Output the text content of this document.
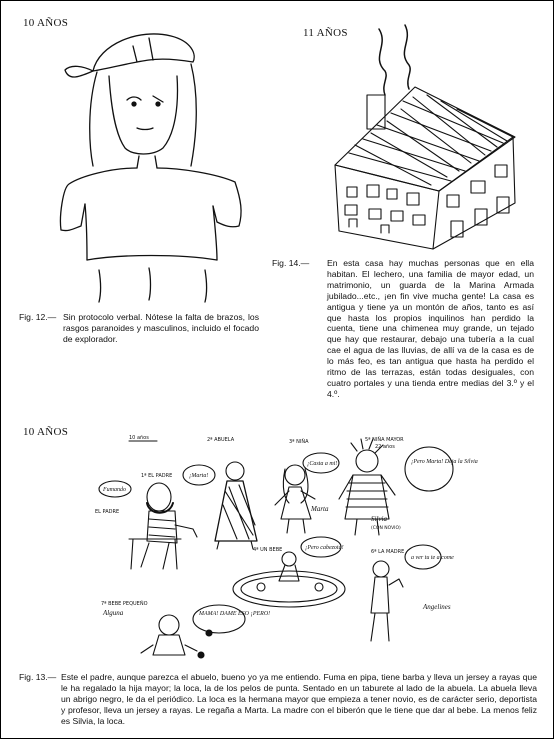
10 AÑOS
11 AÑOS
10 AÑOS	10 años	2ª ABUELA	3ª NIÑA	5ª NIÑA MAYOR
22 años
1ª EL PADRE
EL PADRE
4ª UN BEBE	6ª LA MADRE
7ª BEBE PEQUEÑO
Fumando
¡Marta!
¡Casta a mi!
Marta
¡Pero Marta! Deja la Silvia
Silvia
(CON NOVIO)
¡Pero cabezota!
a ver tu te a come
MAMA! DAME ESO ¡PERO!
Alguna
Angelines
Fig. 12.— Sin protocolo verbal. Nótese la falta de brazos, los rasgos paranoides y masculinos, incluido el focado de explorador.
Fig. 14.— En esta casa hay muchas personas que en ella habitan. El lechero, una familia de mayor edad, un matrimonio, un guarda de la Marina Armada jubilado...etc., ¡en fin vive mucha gente! La casa es antigua y tiene ya un montón de años, tanto es así que hasta los propios inquilinos han perdido la cuenta, tiene una chimenea muy grande, un tejado que hay que restaurar, debajo una tubería a la cual cae el agua de las lluvias, de allí va de la casa es de lo más feo, es tan antigua que hasta ha perdido el ritmo de las terrazas, están todas desiguales, con cuatro portales y una tienda entre medias del 3.º y el 4.º.
Fig. 13.— Este el padre, aunque parezca el abuelo, bueno yo ya me entiendo. Fuma en pipa, tiene barba y lleva un jersey a rayas que le ha regalado la hija mayor; la loca, la de los pelos de punta. Sentado en un taburete al lado de la abuela. La abuela lleva un abrigo negro, le da el periódico. La loca es la hermana mayor que empieza a tener novio, es de carácter serio, deportista y profesor, lleva un jersey a rayas. Le regaña a Marta. La madre con el biberón que le tiene que dar al bebe. La menos feliz es Silvia, la loca.
